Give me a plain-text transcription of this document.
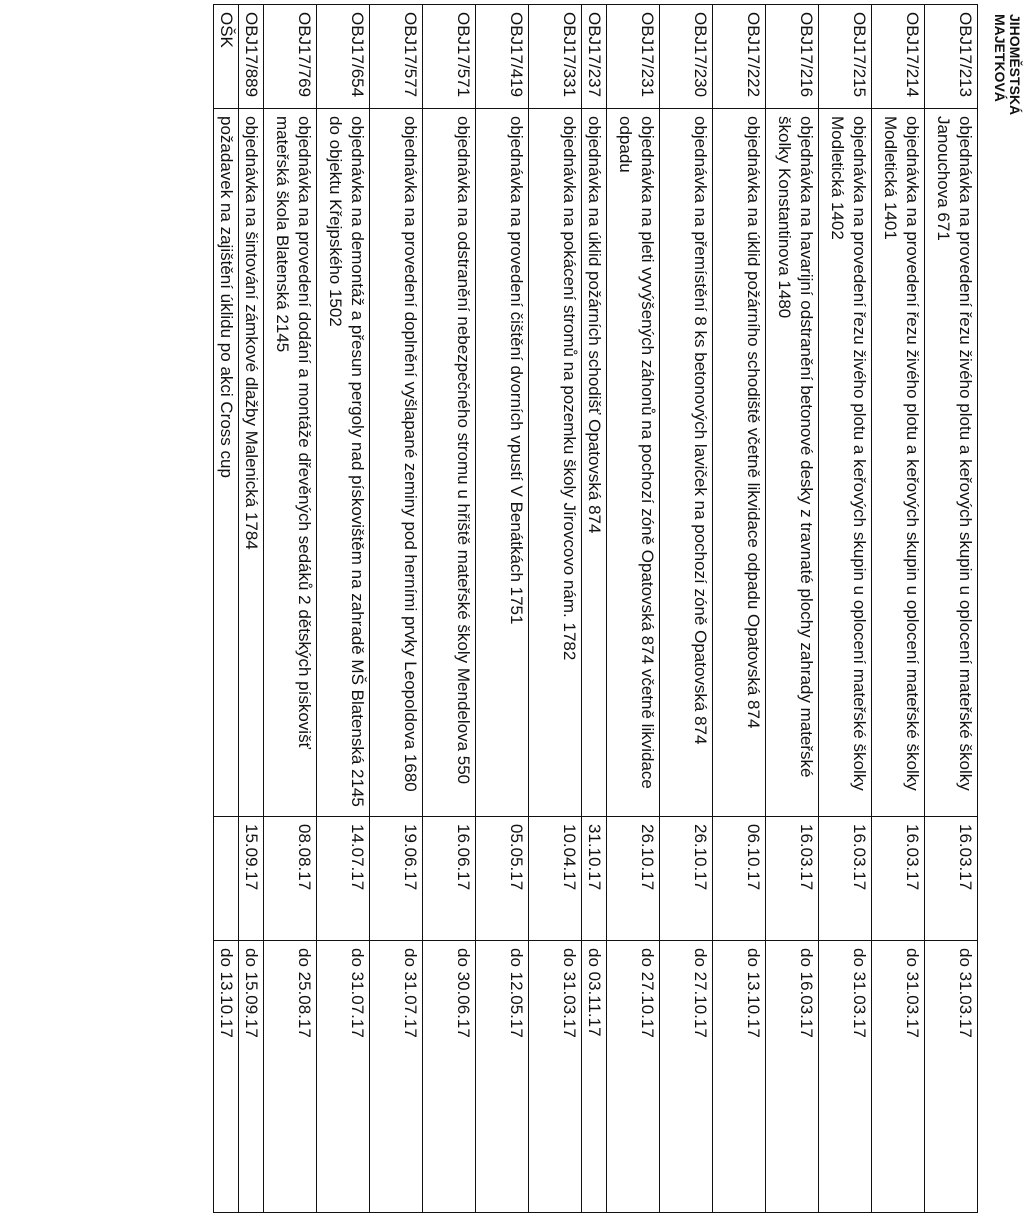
JIHOMĚSTSKÁ
MAJETKOVÁ
OBJ17/213	objednávka na provedení řezu živého plotu a keřových skupin u oplocení mateřské školky Janouchova 671	16.03.17	do 31.03.17
OBJ17/214	objednávka na provedení řezu živého plotu a keřových skupin u oplocení mateřské školky Modletická 1401	16.03.17	do 31.03.17
OBJ17/215	objednávka na provedení řezu živého plotu a keřových skupin u oplocení mateřské školky Modletická 1402	16.03.17	do 31.03.17
OBJ17/216	objednávka na havarijní odstranění betonové desky z travnaté plochy zahrady mateřské školky Konstantinova 1480	16.03.17	do 16.03.17
OBJ17/222	objednávka na úklid požárního schodiště včetně likvidace odpadu Opatovská 874	06.10.17	do 13.10.17
OBJ17/230	objednávka na přemístění 8 ks betonových laviček na pochozí zóně Opatovská 874	26.10.17	do 27.10.17
OBJ17/231	objednávka na pleti vyvýšených záhonů na pochozí zóně Opatovská 874 včetně likvidace odpadu	26.10.17	do 27.10.17
OBJ17/237	objednávka na úklid požárních schodišť Opatovská 874	31.10.17	do 03.11.17
OBJ17/331	objednávka na pokácení stromů na pozemku školy Jírovcovo nám. 1782	10.04.17	do 31.03.17
OBJ17/419	objednávka na provedení čištění dvorních vpustí V Benátkách 1751	05.05.17	do 12.05.17
OBJ17/571	objednávka na odstranění nebezpečného stromu u hřiště mateřské školy Mendelova 550	16.06.17	do 30.06.17
OBJ17/577	objednávka na provedení doplnění vyšlapané zeminy pod herními prvky Leopoldova 1680	19.06.17	do 31.07.17
OBJ17/654	objednávka na demontáž a přesun pergoly nad pískovištěm na zahradě MŠ Blatenská 2145 do objektu Křejpského 1502	14.07.17	do 31.07.17
OBJ17/769	objednávka na provedení dodání a montáže dřevěných sedáků 2 dětských pískovišť mateřská škola Blatenská 2145	08.08.17	do 25.08.17
OBJ17/889	objednávka na šintování zámkové dlažby Malenická 1784	15.09.17	do 15.09.17
OŠK	požadavek na zajištění úklidu po akci Cross cup		do 13.10.17
